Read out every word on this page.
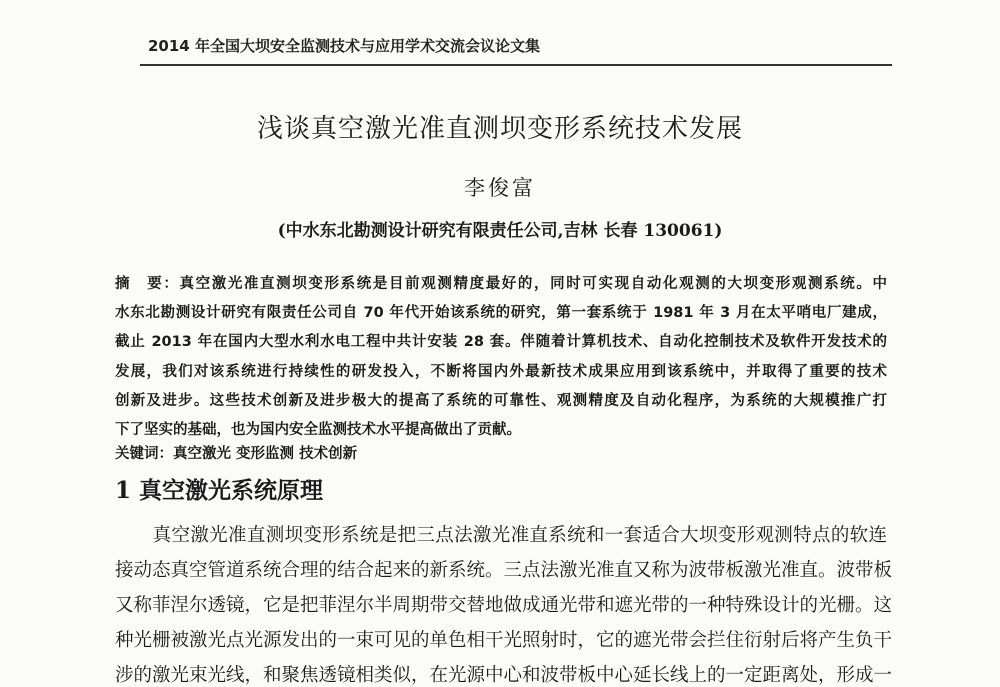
2014 年全国大坝安全监测技术与应用学术交流会议论文集
浅谈真空激光准直测坝变形系统技术发展
李俊富
(中水东北勘测设计研究有限责任公司,吉林 长春 130061)
摘　要：真空激光准直测坝变形系统是目前观测精度最好的，同时可实现自动化观测的大坝变形观测系统。中
水东北勘测设计研究有限责任公司自 70 年代开始该系统的研究，第一套系统于 1981 年 3 月在太平哨电厂建成，
截止 2013 年在国内大型水利水电工程中共计安装 28 套。伴随着计算机技术、自动化控制技术及软件开发技术的
发展，我们对该系统进行持续性的研发投入，不断将国内外最新技术成果应用到该系统中，并取得了重要的技术
创新及进步。这些技术创新及进步极大的提高了系统的可靠性、观测精度及自动化程序，为系统的大规模推广打
下了坚实的基础，也为国内安全监测技术水平提高做出了贡献。
关键词：真空激光 变形监测 技术创新
1 真空激光系统原理
　　真空激光准直测坝变形系统是把三点法激光准直系统和一套适合大坝变形观测特点的软连
接动态真空管道系统合理的结合起来的新系统。三点法激光准直又称为波带板激光准直。波带板
又称菲涅尔透镜，它是把菲涅尔半周期带交替地做成通光带和遮光带的一种特殊设计的光栅。这
种光栅被激光点光源发出的一束可见的单色相干光照射时，它的遮光带会拦住衍射后将产生负干
涉的激光束光线，和聚焦透镜相类似，在光源中心和波带板中心延长线上的一定距离处，形成一
